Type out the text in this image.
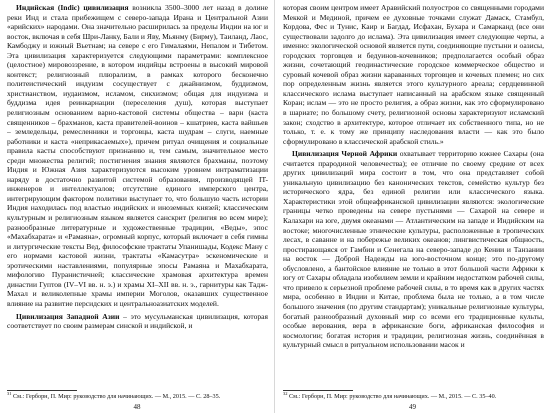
Индийская (Indic) цивилизация возникла 3500–3000 лет назад в долине реки Инд и стала прибежищем с северо-запада Ирана и Центральной Азии «арийских» народами. Она значительно расширилась за пределы Индии на юг и восток, включая в себя Шри-Ланку, Бали и Яву, Мьянму (Бирму), Таиланд, Лаос, Камбоджу и южный Вьетнам; на севере с его Гималаями, Непалом и Тибетом. Эта цивилизация характеризуется следующими параметрами: комплексное (целостное) мировоззрение, в котором индийцы встроены в высокий мировой контекст; религиозный плюрализм, в рамках которого бесконечно политеистический индуизм сосуществует с джайнизмом, буддизмом, христианством, иудаизмом, исламом, сикхизмом; общая для индуизма и буддизма идея реинкарнации (переселения душ), которая выступает религиозным основанием варно-кастовой системы общества – варн (каста священников – брахманов, каста правителей-воинов – кшатриев, каста вайшьев – земледельцы, ремесленники и торговцы, каста шудрам – слуги, наемные работники и каста «неприкасаемых»), причем ритуал очищения и социальные правила касты способствуют признанию и, тем самым, значительное место среди множества религий; постигнения знания являются брахманы, поэтому Индия и Южная Азия характеризуются высоким уровнем интраматизации наряду в достаточно развитой системой образования, производящей IT-инженеров и интеллектуалов; отсутствие единого имперского центра, интегрирующим фактором политики выступает то, что большую часть истории Индия находилась под властью индийских и иноземных князей; классическим культурным и религиозным языком является санскрит (религия во всем мире); разнообразные литературные и художественные традиции, «Веды», эпос «Махабхарата» и «Рамаяна», огромный корпус, который включает в себя гимны и литургические тексты Вед, философские трактаты Упанишады, Кодекс Ману с его нормами кастовой жизни, трактаты «Камасутра» эскеномические и эротическими наставлениями, популярные эпосы Рамаяна и Махабхарата, мифологию Пуранистичней; классические храмовая архитектура времен династии Гуптов (IV–VI вв. н. э.) и храмы XI–XII вв. н. э., гарнитуры как Тадж-Махал и великолепные храмы империи Моголов, оказавших существенное влияние на развитие персидских и центральноазиатских моделей.

Цивилизация Западной Азии – это мусульманская цивилизация, которая соответствует по своим размерам синской и индийской, и

$^{31}$ Cм.: Герборн, П. Мир: руководство для начинающих. — М., 2015. — С. 28–35.
48

которая своим центром имеет Аравийский полуостров со священными городами Меккой и Мединой, причем ее духовные точками служат Дамаск, Стамбул, Кордова, Фес и Тунис, Каир и Багдад, Исфахан, Бухара и Самарканд (все они существовали задолго до ислама). Эта цивилизация имеет следующие черты, а именно: экологической основой является пути, соединяющие пустыни и оазисы, городских торговцев и бедуинов-кочевников; предполагается особый образ жизни, сочетающий геодинастические городское коммерческое общество и суровый кочевой образ жизни караванных торговцев и кочевых племен; но сих пор определенным жизнь является этого культурного ареала; сердцевинной классического ислама выступает написанный на арабском языке священный Коран; ислам — это не просто религия, а образ жизни, как это сформулировано в шариате; по большому счету, религиозной основы характеризуют исламский закон; сходство в архитектуре, которое отличает их собственного типа, но не только, т. е. к тому же принципу наследования власти — как это было сформулировано в классической арабской стиль.»

Цивилизация Черной Африки охватывает территорию южнее Сахары (она считается прародиной человечества); ее отличие по своему средние от всех других цивилизаций мира состоит в том, что она представляет собой уникальную цивилизацию без канонических текстов, семейство культур без исторического ядра, без единой религии или классического языка. Характеристики этой общеафриканской цивилизации являются: экологические границы четко проведены на севере пустынями — Сахарой на севере и Калахари на юге, двумя океанами — Атлантическим на западе и Индийским на востоке; многочисленные этнические культуры, расположенные в тропических лесах, в саванне и на побережье великих океанов; лингвистическая общность, простирающаяся от Гамбии и Сенегала на северо-западе до Кении и Танзании на восток — Доброй Надежды на юго-восточном конце; это по-другому обусловлено, а бантойское влияние не только в этот большой части Африки к югу от Сахары обладала изобилием земли и крайним недостатком рабочей силы, что привело к серьезной проблеме рабочей силы, в то время как в других частях мира, особенно в Индии и Китае, проблема была не только, а в том числе большого значения (по другим стандартам); уникальные религиозные культуры, богатый разнообразный духовный мир со всеми его традиционные культы, особые верования, вера в африканские боги, африканская философия и космологии; богатая история и традиции, религиозная жизнь, соединённая в культурный смысл в ритуальном использовании масок и

$^{32}$ Cм.: Герборн, П. Мир: руководство для начинающих. — М., 2015. — С. 35–40.
49
